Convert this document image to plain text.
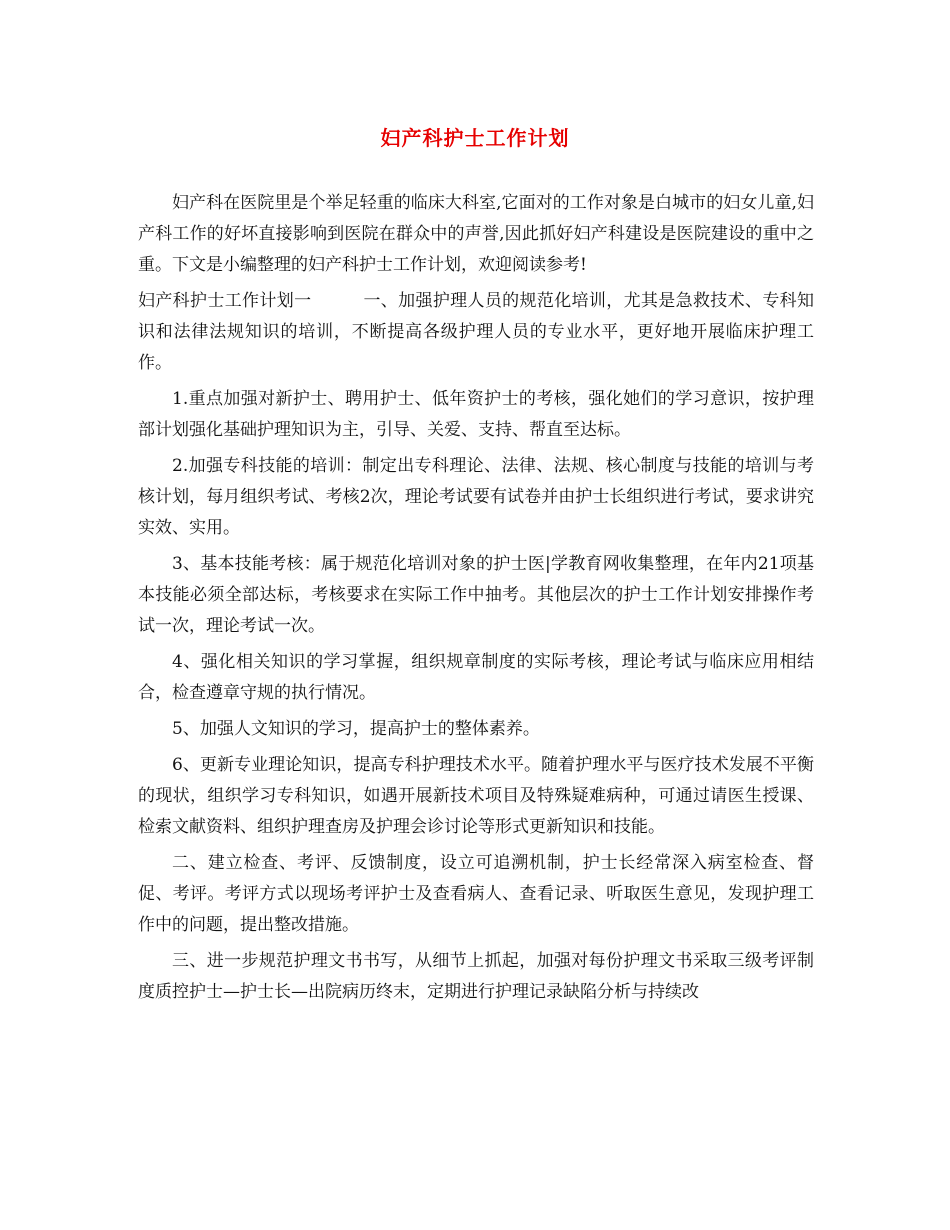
妇产科护士工作计划

妇产科在医院里是个举足轻重的临床大科室,它面对的工作对象是白城市的妇女儿童,妇产科工作的好坏直接影响到医院在群众中的声誉,因此抓好妇产科建设是医院建设的重中之重。下文是小编整理的妇产科护士工作计划，欢迎阅读参考!

妇产科护士工作计划一　　　一、加强护理人员的规范化培训，尤其是急救技术、专科知识和法律法规知识的培训，不断提高各级护理人员的专业水平，更好地开展临床护理工作。

1.重点加强对新护士、聘用护士、低年资护士的考核，强化她们的学习意识，按护理部计划强化基础护理知识为主，引导、关爱、支持、帮直至达标。

2.加强专科技能的培训：制定出专科理论、法律、法规、核心制度与技能的培训与考核计划，每月组织考试、考核2次，理论考试要有试卷并由护士长组织进行考试，要求讲究实效、实用。

3、基本技能考核：属于规范化培训对象的护士医|学教育网收集整理，在年内21项基本技能必须全部达标，考核要求在实际工作中抽考。其他层次的护士工作计划安排操作考试一次，理论考试一次。

4、强化相关知识的学习掌握，组织规章制度的实际考核，理论考试与临床应用相结合，检查遵章守规的执行情况。

5、加强人文知识的学习，提高护士的整体素养。

6、更新专业理论知识，提高专科护理技术水平。随着护理水平与医疗技术发展不平衡的现状，组织学习专科知识，如遇开展新技术项目及特殊疑难病种，可通过请医生授课、检索文献资料、组织护理查房及护理会诊讨论等形式更新知识和技能。

二、建立检查、考评、反馈制度，设立可追溯机制，护士长经常深入病室检查、督促、考评。考评方式以现场考评护士及查看病人、查看记录、听取医生意见，发现护理工作中的问题，提出整改措施。

三、进一步规范护理文书书写，从细节上抓起，加强对每份护理文书采取三级考评制度质控护士—护士长—出院病历终末，定期进行护理记录缺陷分析与持续改
